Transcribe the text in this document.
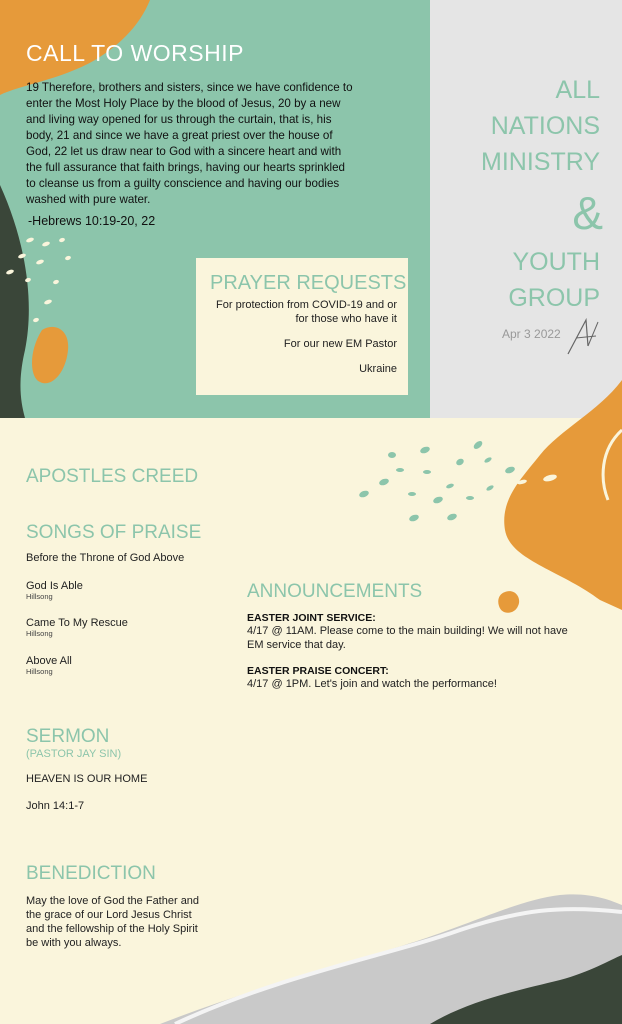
CALL TO WORSHIP
19 Therefore, brothers and sisters, since we have confidence to enter the Most Holy Place by the blood of Jesus, 20 by a new and living way opened for us through the curtain, that is, his body, 21 and since we have a great priest over the house of God, 22 let us draw near to God with a sincere heart and with the full assurance that faith brings, having our hearts sprinkled to cleanse us from a guilty conscience and having our bodies washed with pure water.
-Hebrews 10:19-20, 22
PRAYER REQUESTS
For protection from COVID-19 and or for those who have it
For our new EM Pastor
Ukraine
ALL
NATIONS
MINISTRY
&
YOUTH
GROUP
Apr 3 2022
APOSTLES CREED
SONGS OF PRAISE
Before the Throne of God Above
God Is Able
Hillsong
Came To My Rescue
Hillsong
Above All
Hillsong
SERMON
(PASTOR JAY SIN)
HEAVEN IS OUR HOME
John 14:1-7
BENEDICTION
May the love of God the Father and the grace of our Lord Jesus Christ and the fellowship of the Holy Spirit be with you always.
ANNOUNCEMENTS
EASTER JOINT SERVICE:
4/17 @ 11AM. Please come to the main building! We will not have EM service that day.
EASTER PRAISE CONCERT:
4/17 @ 1PM. Let's join and watch the performance!
